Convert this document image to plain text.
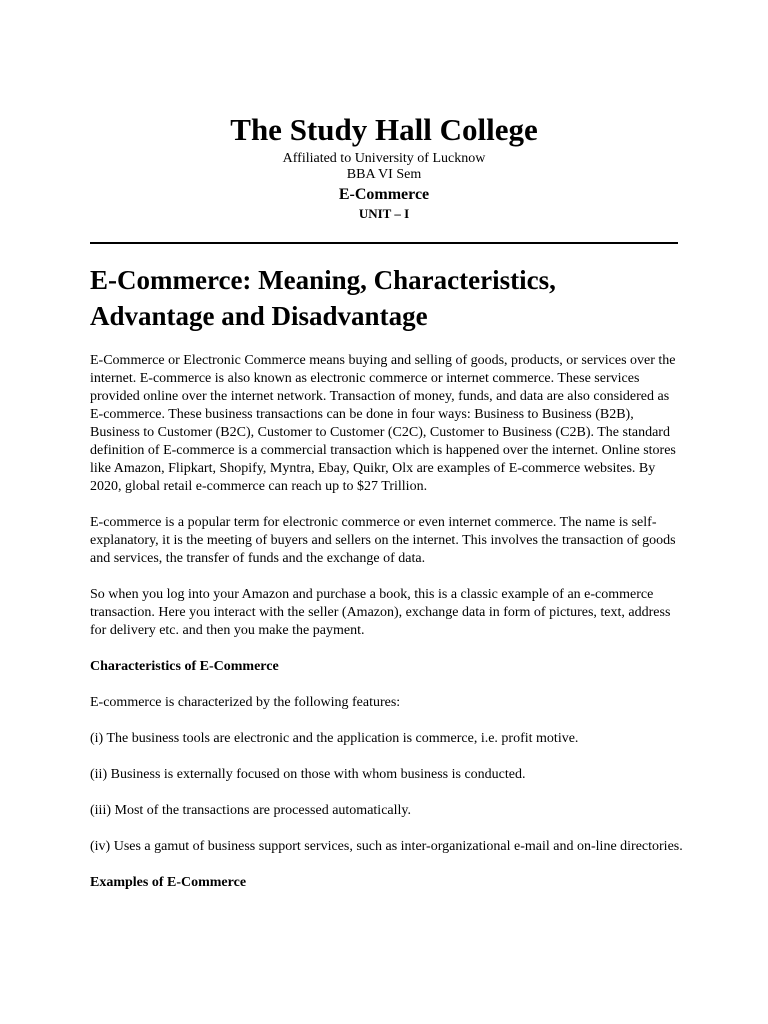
The Study Hall College
Affiliated to University of Lucknow
BBA VI Sem
E-Commerce
UNIT – I
E-Commerce: Meaning, Characteristics,
Advantage and Disadvantage

E-Commerce or Electronic Commerce means buying and selling of goods, products, or services over the internet. E-commerce is also known as electronic commerce or internet commerce. These services provided online over the internet network. Transaction of money, funds, and data are also considered as E-commerce. These business transactions can be done in four ways: Business to Business (B2B), Business to Customer (B2C), Customer to Customer (C2C), Customer to Business (C2B). The standard definition of E-commerce is a commercial transaction which is happened over the internet. Online stores like Amazon, Flipkart, Shopify, Myntra, Ebay, Quikr, Olx are examples of E-commerce websites. By 2020, global retail e-commerce can reach up to $27 Trillion.

E-commerce is a popular term for electronic commerce or even internet commerce. The name is self-explanatory, it is the meeting of buyers and sellers on the internet. This involves the transaction of goods and services, the transfer of funds and the exchange of data.

So when you log into your Amazon and purchase a book, this is a classic example of an e-commerce transaction. Here you interact with the seller (Amazon), exchange data in form of pictures, text, address for delivery etc. and then you make the payment.

Characteristics of E-Commerce

E-commerce is characterized by the following features:

(i) The business tools are electronic and the application is commerce, i.e. profit motive.

(ii) Business is externally focused on those with whom business is conducted.

(iii) Most of the transactions are processed automatically.

(iv) Uses a gamut of business support services, such as inter-organizational e-mail and on-line directories.

Examples of E-Commerce
